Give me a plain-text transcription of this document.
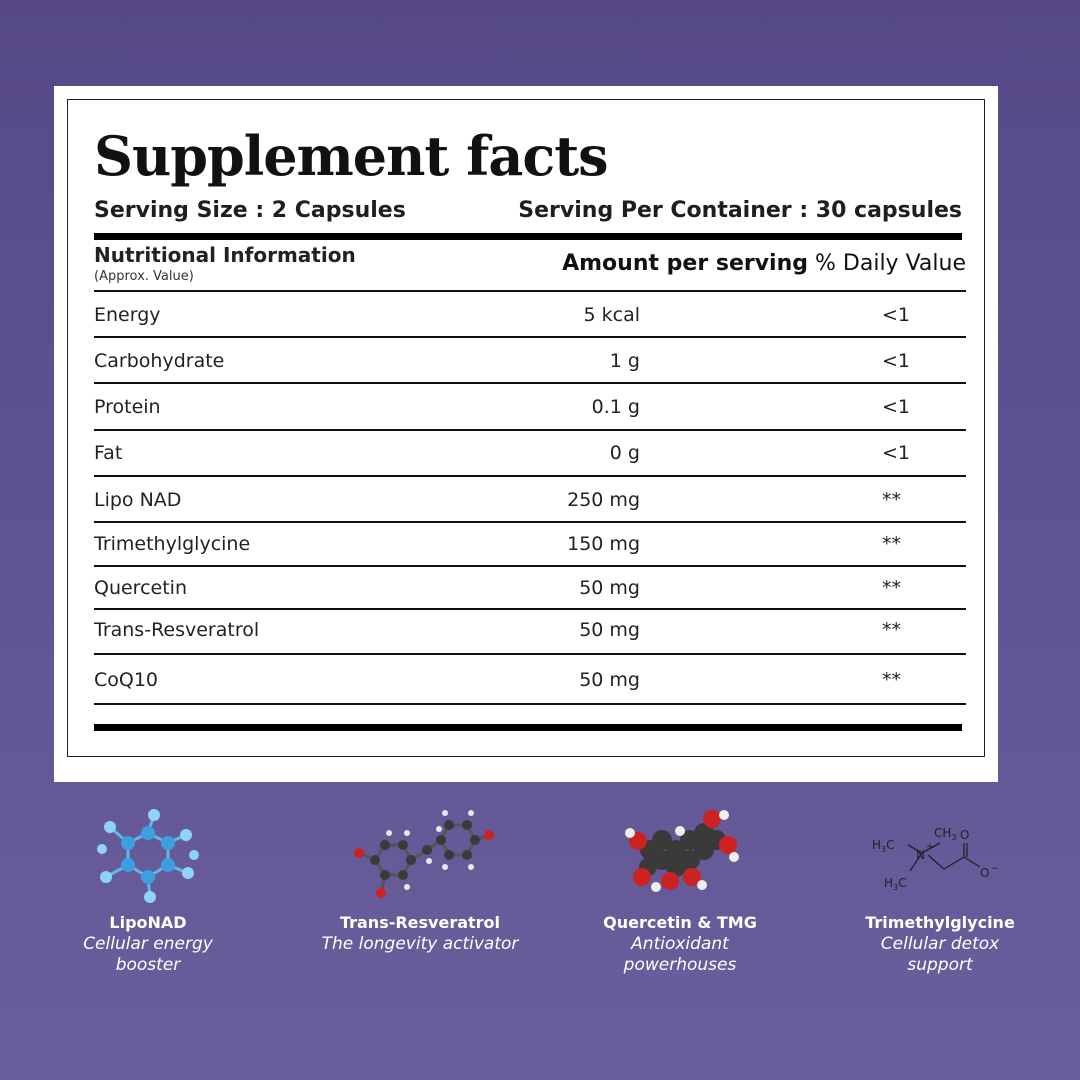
Supplement facts
Serving Size : 2 Capsules	Serving Per Container : 30 capsules
Nutritional Information
(Approx. Value)
Amount per serving % Daily Value
Energy	5 kcal	<1
Carbohydrate	1 g	<1
Protein	0.1 g	<1
Fat	0 g	<1
Lipo NAD	250 mg	**
Trimethylglycine	150 mg	**
Quercetin	50 mg	**
Trans-Resveratrol	50 mg	**
CoQ10	50 mg	**
LipoNAD
Cellular energy booster
Trans-Resveratrol
The longevity activator
Quercetin & TMG
Antioxidant powerhouses
$H_3C$
$CH_3$ O
N
+
O −
$H_3C$
Trimethylglycine
Cellular detox support
